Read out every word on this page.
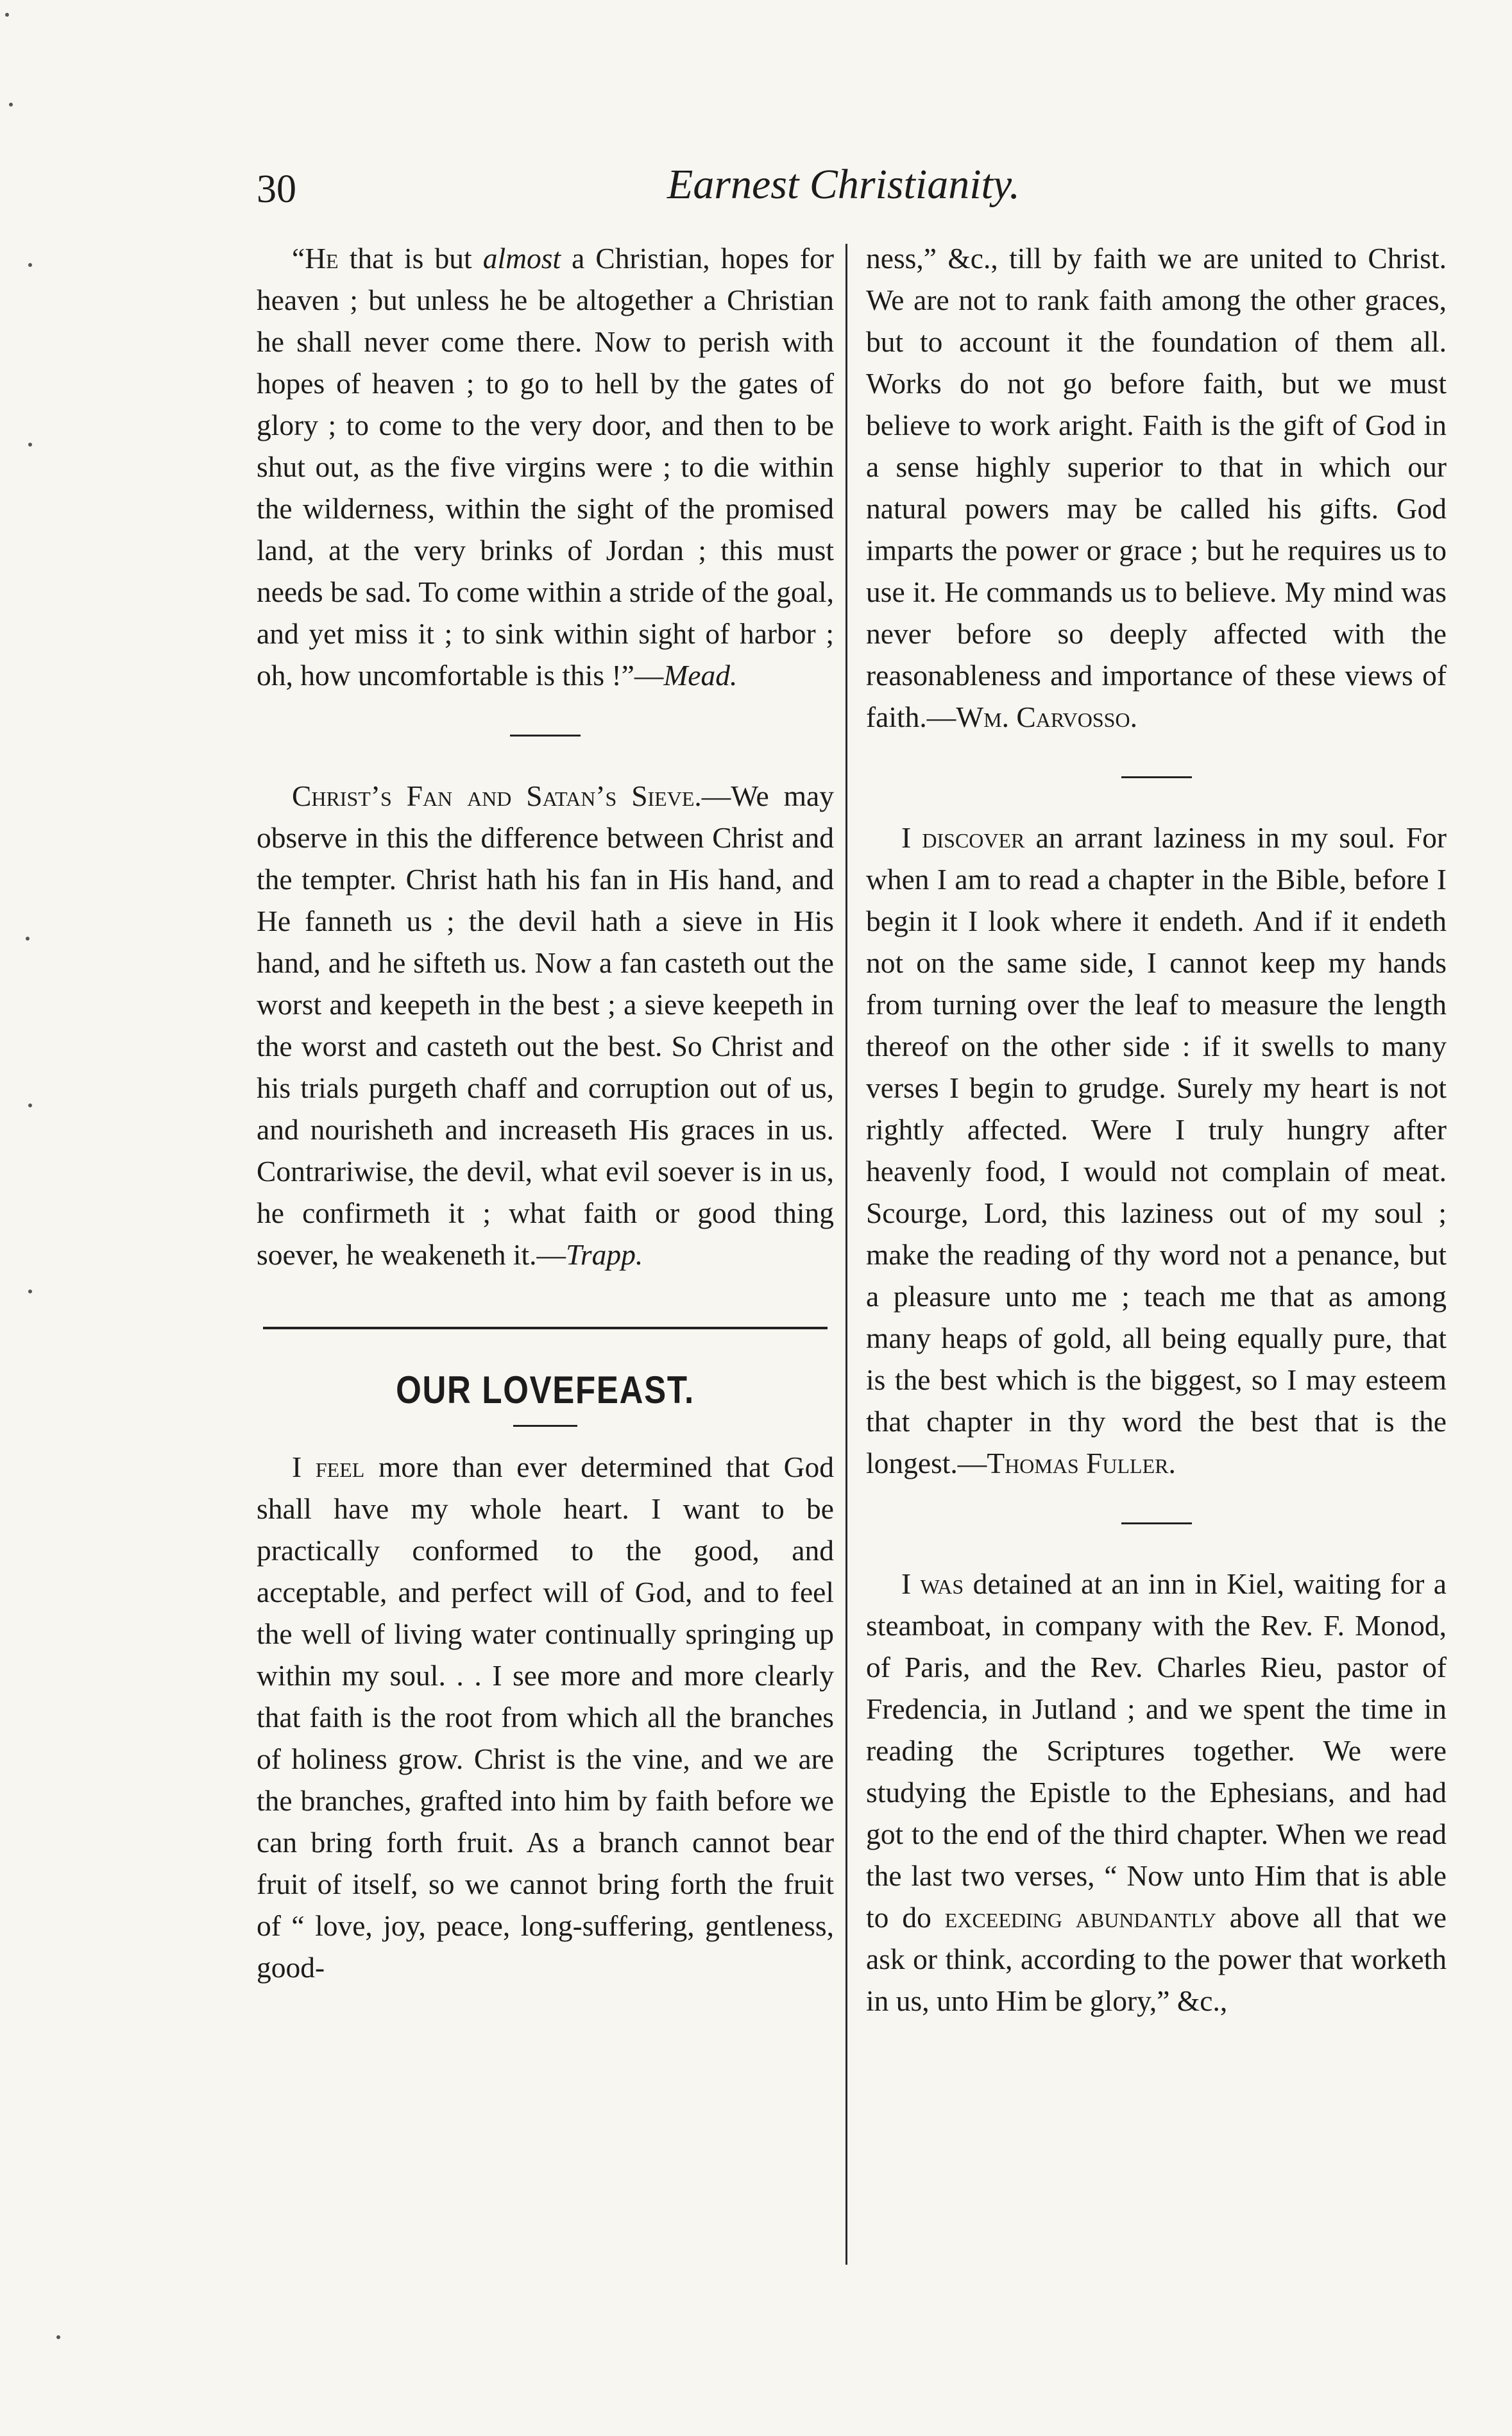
30	Earnest Christianity.

“He that is but almost a Christian, hopes for heaven ; but unless he be altogether a Christian he shall never come there. Now to perish with hopes of heaven ; to go to hell by the gates of glory ; to come to the very door, and then to be shut out, as the five virgins were ; to die within the wilderness, within the sight of the promised land, at the very brinks of Jordan ; this must needs be sad. To come within a stride of the goal, and yet miss it ; to sink within sight of harbor ; oh, how uncomfortable is this !”—Mead.

Christ’s Fan and Satan’s Sieve.—We may observe in this the difference between Christ and the tempter. Christ hath his fan in His hand, and He fanneth us ; the devil hath a sieve in His hand, and he sifteth us. Now a fan casteth out the worst and keepeth in the best ; a sieve keepeth in the worst and casteth out the best. So Christ and his trials purgeth chaff and corruption out of us, and nourisheth and increaseth His graces in us. Contrariwise, the devil, what evil soever is in us, he confirmeth it ; what faith or good thing soever, he weakeneth it.—Trapp.

OUR LOVEFEAST.

I feel more than ever determined that God shall have my whole heart. I want to be practically conformed to the good, and acceptable, and perfect will of God, and to feel the well of living water continually springing up within my soul. . . I see more and more clearly that faith is the root from which all the branches of holiness grow. Christ is the vine, and we are the branches, grafted into him by faith before we can bring forth fruit. As a branch cannot bear fruit of itself, so we cannot bring forth the fruit of “ love, joy, peace, long-suffering, gentleness, good-

ness,” &c., till by faith we are united to Christ. We are not to rank faith among the other graces, but to account it the foundation of them all. Works do not go before faith, but we must believe to work aright. Faith is the gift of God in a sense highly superior to that in which our natural powers may be called his gifts. God imparts the power or grace ; but he requires us to use it. He commands us to believe. My mind was never before so deeply affected with the reasonableness and importance of these views of faith.—Wm. Carvosso.

I discover an arrant laziness in my soul. For when I am to read a chapter in the Bible, before I begin it I look where it endeth. And if it endeth not on the same side, I cannot keep my hands from turning over the leaf to measure the length thereof on the other side : if it swells to many verses I begin to grudge. Surely my heart is not rightly affected. Were I truly hungry after heavenly food, I would not complain of meat. Scourge, Lord, this laziness out of my soul ; make the reading of thy word not a penance, but a pleasure unto me ; teach me that as among many heaps of gold, all being equally pure, that is the best which is the biggest, so I may esteem that chapter in thy word the best that is the longest.—Thomas Fuller.

I was detained at an inn in Kiel, waiting for a steamboat, in company with the Rev. F. Monod, of Paris, and the Rev. Charles Rieu, pastor of Fredencia, in Jutland ; and we spent the time in reading the Scriptures together. We were studying the Epistle to the Ephesians, and had got to the end of the third chapter. When we read the last two verses, “ Now unto Him that is able to do exceeding abundantly above all that we ask or think, according to the power that worketh in us, unto Him be glory,” &c.,
